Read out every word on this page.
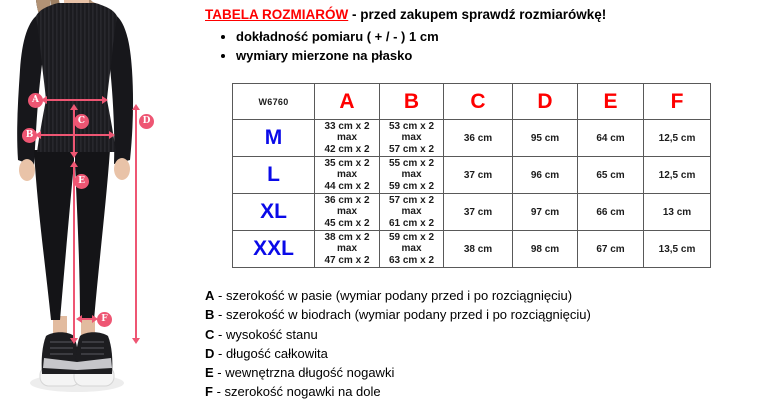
A
B
C	D
E
F
TABELA ROZMIARÓW - przed zakupem sprawdź rozmiarówkę!
• dokładność pomiaru ( + / - ) 1 cm
• wymiary mierzone na płasko
W6760	A	B	C	D	E	F
M	33 cm x 2
max
42 cm x 2	53 cm x 2
max
57 cm x 2	36 cm	95 cm	64 cm	12,5 cm
L	35 cm x 2
max
44 cm x 2	55 cm x 2
max
59 cm x 2	37 cm	96 cm	65 cm	12,5 cm
XL	36 cm x 2
max
45 cm x 2	57 cm x 2
max
61 cm x 2	37 cm	97 cm	66 cm	13 cm
XXL	38 cm x 2
max
47 cm x 2	59 cm x 2
max
63 cm x 2	38 cm	98 cm	67 cm	13,5 cm
A - szerokość w pasie (wymiar podany przed i po rozciągnięciu)
B - szerokość w biodrach (wymiar podany przed i po rozciągnięciu)
C - wysokość stanu
D - długość całkowita
E - wewnętrzna długość nogawki
F - szerokość nogawki na dole
